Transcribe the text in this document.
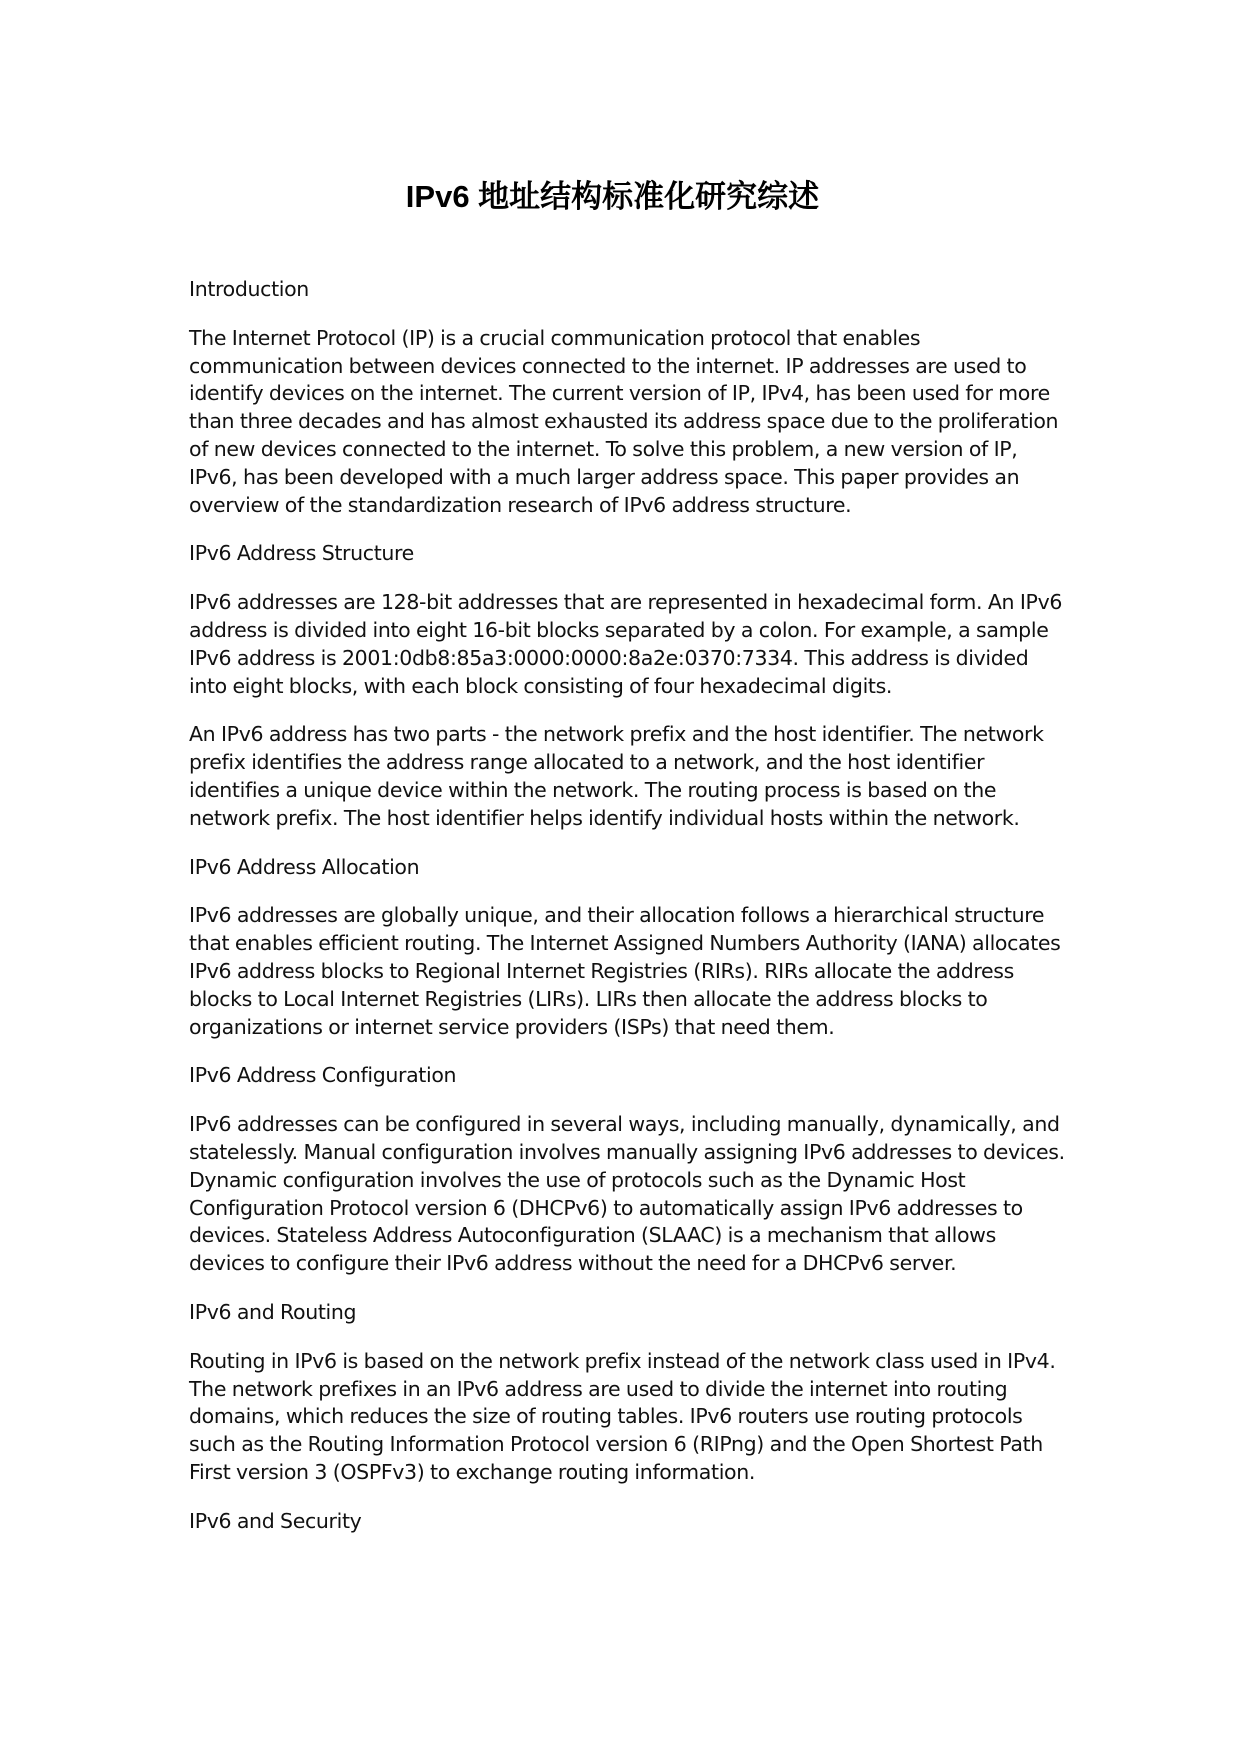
IPv6 地址结构标准化研究综述

Introduction

The Internet Protocol (IP) is a crucial communication protocol that enables communication between devices connected to the internet. IP addresses are used to identify devices on the internet. The current version of IP, IPv4, has been used for more than three decades and has almost exhausted its address space due to the proliferation of new devices connected to the internet. To solve this problem, a new version of IP, IPv6, has been developed with a much larger address space. This paper provides an overview of the standardization research of IPv6 address structure.

IPv6 Address Structure

IPv6 addresses are 128-bit addresses that are represented in hexadecimal form. An IPv6 address is divided into eight 16-bit blocks separated by a colon. For example, a sample IPv6 address is 2001:0db8:85a3:0000:0000:8a2e:0370:7334. This address is divided into eight blocks, with each block consisting of four hexadecimal digits.

An IPv6 address has two parts - the network prefix and the host identifier. The network prefix identifies the address range allocated to a network, and the host identifier identifies a unique device within the network. The routing process is based on the network prefix. The host identifier helps identify individual hosts within the network.

IPv6 Address Allocation

IPv6 addresses are globally unique, and their allocation follows a hierarchical structure that enables efficient routing. The Internet Assigned Numbers Authority (IANA) allocates IPv6 address blocks to Regional Internet Registries (RIRs). RIRs allocate the address blocks to Local Internet Registries (LIRs). LIRs then allocate the address blocks to organizations or internet service providers (ISPs) that need them.

IPv6 Address Configuration

IPv6 addresses can be configured in several ways, including manually, dynamically, and statelessly. Manual configuration involves manually assigning IPv6 addresses to devices. Dynamic configuration involves the use of protocols such as the Dynamic Host Configuration Protocol version 6 (DHCPv6) to automatically assign IPv6 addresses to devices. Stateless Address Autoconfiguration (SLAAC) is a mechanism that allows devices to configure their IPv6 address without the need for a DHCPv6 server.

IPv6 and Routing

Routing in IPv6 is based on the network prefix instead of the network class used in IPv4. The network prefixes in an IPv6 address are used to divide the internet into routing domains, which reduces the size of routing tables. IPv6 routers use routing protocols such as the Routing Information Protocol version 6 (RIPng) and the Open Shortest Path First version 3 (OSPFv3) to exchange routing information.

IPv6 and Security
